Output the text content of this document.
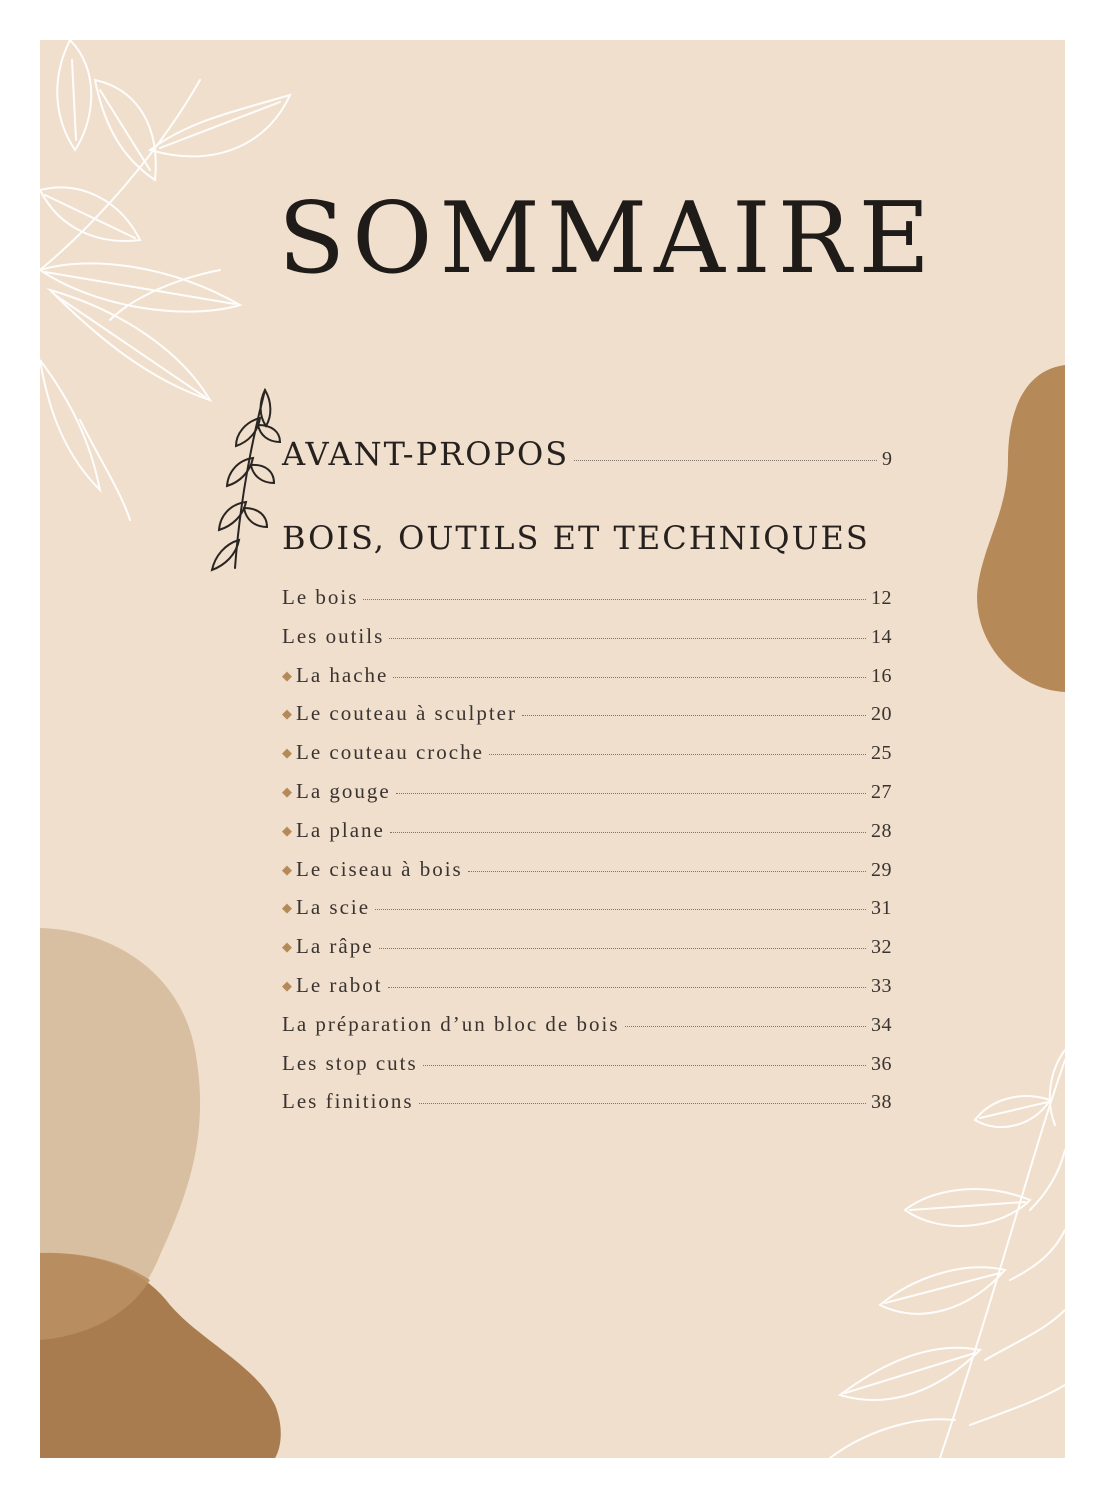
SOMMAIRE
AVANT-PROPOS	9
BOIS, OUTILS ET TECHNIQUES
Le bois	12
Les outils	14
◆ La hache	16
◆ Le couteau à sculpter	20
◆ Le couteau croche	25
◆ La gouge	27
◆ La plane	28
◆ Le ciseau à bois	29
◆ La scie	31
◆ La râpe	32
◆ Le rabot	33
La préparation d’un bloc de bois	34
Les stop cuts	36
Les finitions	38
